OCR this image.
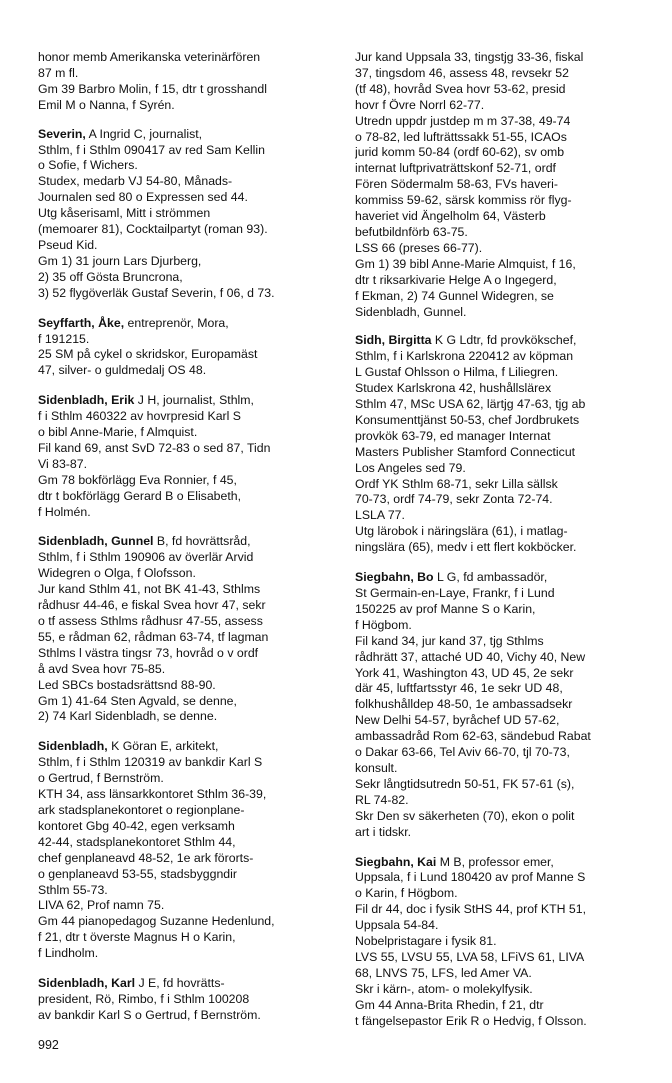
honor memb Amerikanska veterinärfören
87 m fl.
Gm 39 Barbro Molin, f 15, dtr t grosshandl
Emil M o Nanna, f Syrén.
Severin, A Ingrid C, journalist,
Sthlm, f i Sthlm 090417 av red Sam Kellin
o Sofie, f Wichers.
Studex, medarb VJ 54-80, Månads-
Journalen sed 80 o Expressen sed 44.
Utg kåserisaml, Mitt i strömmen
(memoarer 81), Cocktailpartyt (roman 93).
Pseud Kid.
Gm 1) 31 journ Lars Djurberg,
2) 35 off Gösta Bruncrona,
3) 52 flygöverläk Gustaf Severin, f 06, d 73.
Seyffarth, Åke, entreprenör, Mora,
f 191215.
25 SM på cykel o skridskor, Europamäst
47, silver- o guldmedalj OS 48.
Sidenbladh, Erik J H, journalist, Sthlm,
f i Sthlm 460322 av hovrpresid Karl S
o bibl Anne-Marie, f Almquist.
Fil kand 69, anst SvD 72-83 o sed 87, Tidn
Vi 83-87.
Gm 78 bokförlägg Eva Ronnier, f 45,
dtr t bokförlägg Gerard B o Elisabeth,
f Holmén.
Sidenbladh, Gunnel B, fd hovrättsråd,
Sthlm, f i Sthlm 190906 av överlär Arvid
Widegren o Olga, f Olofsson.
Jur kand Sthlm 41, not BK 41-43, Sthlms
rådhusr 44-46, e fiskal Svea hovr 47, sekr
o tf assess Sthlms rådhusr 47-55, assess
55, e rådman 62, rådman 63-74, tf lagman
Sthlms l västra tingsr 73, hovråd o v ordf
å avd Svea hovr 75-85.
Led SBCs bostadsrättsnd 88-90.
Gm 1) 41-64 Sten Agvald, se denne,
2) 74 Karl Sidenbladh, se denne.
Sidenbladh, K Göran E, arkitekt,
Sthlm, f i Sthlm 120319 av bankdir Karl S
o Gertrud, f Bernström.
KTH 34, ass länsarkkontoret Sthlm 36-39,
ark stadsplanekontoret o regionplane-
kontoret Gbg 40-42, egen verksamh
42-44, stadsplanekontoret Sthlm 44,
chef genplaneavd 48-52, 1e ark förorts-
o genplaneavd 53-55, stadsbyggndir
Sthlm 55-73.
LIVA 62, Prof namn 75.
Gm 44 pianopedagog Suzanne Hedenlund,
f 21, dtr t överste Magnus H o Karin,
f Lindholm.
Sidenbladh, Karl J E, fd hovrätts-
president, Rö, Rimbo, f i Sthlm 100208
av bankdir Karl S o Gertrud, f Bernström.
Jur kand Uppsala 33, tingstjg 33-36, fiskal
37, tingsdom 46, assess 48, revsekr 52
(tf 48), hovråd Svea hovr 53-62, presid
hovr f Övre Norrl 62-77.
Utredn uppdr justdep m m 37-38, 49-74
o 78-82, led lufträttssakk 51-55, ICAOs
jurid komm 50-84 (ordf 60-62), sv omb
internat luftprivaträttskonf 52-71, ordf
Fören Södermalm 58-63, FVs haveri-
kommiss 59-62, särsk kommiss rör flyg-
haveriet vid Ängelholm 64, Västerb
befutbildnförb 63-75.
LSS 66 (preses 66-77).
Gm 1) 39 bibl Anne-Marie Almquist, f 16,
dtr t riksarkivarie Helge A o Ingegerd,
f Ekman, 2) 74 Gunnel Widegren, se
Sidenbladh, Gunnel.
Sidh, Birgitta K G Ldtr, fd provkökschef,
Sthlm, f i Karlskrona 220412 av köpman
L Gustaf Ohlsson o Hilma, f Liliegren.
Studex Karlskrona 42, hushållslärex
Sthlm 47, MSc USA 62, lärtjg 47-63, tjg ab
Konsumenttjänst 50-53, chef Jordbrukets
provkök 63-79, ed manager Internat
Masters Publisher Stamford Connecticut
Los Angeles sed 79.
Ordf YK Sthlm 68-71, sekr Lilla sällsk
70-73, ordf 74-79, sekr Zonta 72-74.
LSLA 77.
Utg lärobok i näringslära (61), i matlag-
ningslära (65), medv i ett flert kokböcker.
Siegbahn, Bo L G, fd ambassadör,
St Germain-en-Laye, Frankr, f i Lund
150225 av prof Manne S o Karin,
f Högbom.
Fil kand 34, jur kand 37, tjg Sthlms
rådhrätt 37, attaché UD 40, Vichy 40, New
York 41, Washington 43, UD 45, 2e sekr
där 45, luftfartsstyr 46, 1e sekr UD 48,
folkhushålldep 48-50, 1e ambassadsekr
New Delhi 54-57, byråchef UD 57-62,
ambassadråd Rom 62-63, sändebud Rabat
o Dakar 63-66, Tel Aviv 66-70, tjl 70-73,
konsult.
Sekr långtidsutredn 50-51, FK 57-61 (s),
RL 74-82.
Skr Den sv säkerheten (70), ekon o polit
art i tidskr.
Siegbahn, Kai M B, professor emer,
Uppsala, f i Lund 180420 av prof Manne S
o Karin, f Högbom.
Fil dr 44, doc i fysik StHS 44, prof KTH 51,
Uppsala 54-84.
Nobelpristagare i fysik 81.
LVS 55, LVSU 55, LVA 58, LFiVS 61, LIVA
68, LNVS 75, LFS, led Amer VA.
Skr i kärn-, atom- o molekylfysik.
Gm 44 Anna-Brita Rhedin, f 21, dtr
t fängelsepastor Erik R o Hedvig, f Olsson.
992
